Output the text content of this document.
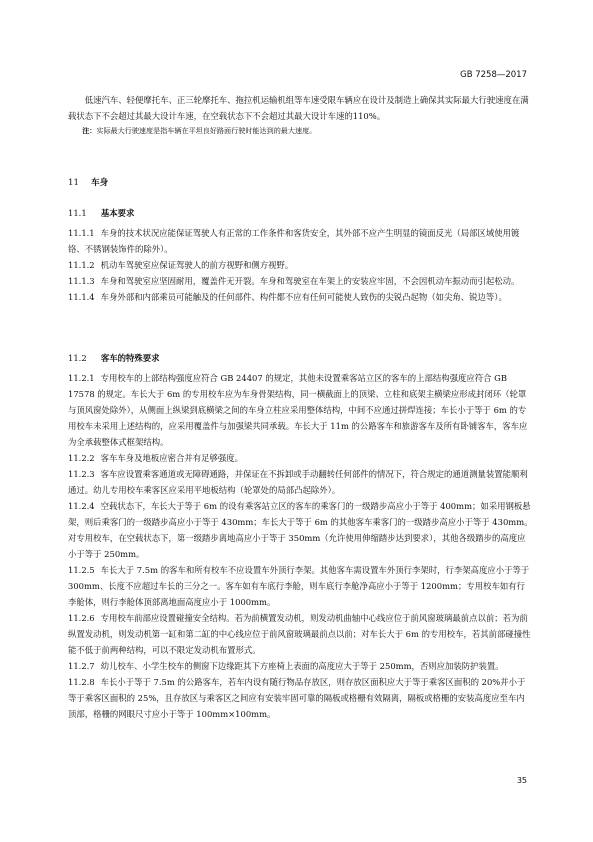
GB 7258—2017

低速汽车、轻便摩托车、正三轮摩托车、拖拉机运输机组等车速受限车辆应在设计及制造上确保其实际最大行驶速度在满载状态下不会超过其最大设计车速，在空载状态下不会超过其最大设计车速的110%。

注：实际最大行驶速度是指车辆在平坦良好路面行驶时能达到的最大速度。

11 车身
11.1 基本要求

11.1.1 车身的技术状况应能保证驾驶人有正常的工作条件和客货安全，其外部不应产生明显的镜面反光（局部区域使用镀铬、不锈钢装饰件的除外）。

11.1.2 机动车驾驶室应保证驾驶人的前方视野和侧方视野。

11.1.3 车身和驾驶室应坚固耐用，覆盖件无开裂。车身和驾驶室在车架上的安装应牢固，不会因机动车振动而引起松动。

11.1.4 车身外部和内部乘员可能触及的任何部件、构件都不应有任何可能使人致伤的尖锐凸起物（如尖角、锐边等）。

11.2 客车的特殊要求

11.2.1 专用校车的上部结构强度应符合 GB 24407 的规定，其他未设置乘客站立区的客车的上部结构强度应符合 GB 17578 的规定。车长大于 6m 的专用校车应为车身骨架结构，同一横截面上的顶梁、立柱和底架主横梁应形成封闭环（轮罩与顶风窗处除外），从侧面上纵梁到底横梁之间的车身立柱应采用整体结构，中间不应通过拼焊连接；车长小于等于 6m 的专用校车未采用上述结构的，应采用覆盖件与加强梁共同承载。车长大于 11m 的公路客车和旅游客车及所有卧铺客车，客车应为全承载整体式框架结构。

11.2.2 客车车身及地板应密合并有足够强度。

11.2.3 客车应设置乘客通道或无障碍通路，并保证在不拆卸或手动翻转任何部件的情况下，符合规定的通道测量装置能顺利通过。幼儿专用校车乘客区应采用平地板结构（轮罩处的局部凸起除外）。

11.2.4 空载状态下，车长大于等于 6m 的设有乘客站立区的客车的乘客门的一级踏步高应小于等于 400mm；如采用钢板悬架，则后乘客门的一级踏步高应小于等于 430mm；车长大于等于 6m 的其他客车乘客门的一级踏步高应小于等于 430mm。对专用校车，在空载状态下，第一级踏步离地高应小于等于 350mm（允许使用伸缩踏步达到要求），其他各级踏步的高度应小于等于 250mm。

11.2.5 车长大于 7.5m 的客车和所有校车不应设置车外顶行李架。其他客车需设置车外顶行李架时，行李架高度应小于等于 300mm、长度不应超过车长的三分之一。客车如有车底行李舱，则车底行李舱净高应小于等于 1200mm；专用校车如有行李舱体，则行李舱体顶部离地面高度应小于 1000mm。

11.2.6 专用校车前部应设置碰撞安全结构。若为前横置发动机，则发动机曲轴中心线应位于前风窗玻璃最前点以前；若为前纵置发动机，则发动机第一缸和第二缸的中心线应位于前风窗玻璃最前点以前；对车长大于 6m 的专用校车，若其前部碰撞性能不低于前两种结构，可以不限定发动机布置形式。

11.2.7 幼儿校车、小学生校车的侧窗下边缘距其下方座椅上表面的高度应大于等于 250mm，否则应加装防护装置。

11.2.8 车长小于等于 7.5m 的公路客车，若车内设有随行物品存放区，则存放区面积应大于等于乘客区面积的 20%并小于等于乘客区面积的 25%，且存放区与乘客区之间应有安装牢固可靠的隔板或格栅有效隔离，隔板或格栅的安装高度应至车内顶部，格栅的网眼尺寸应小于等于 100mm×100mm。

35
